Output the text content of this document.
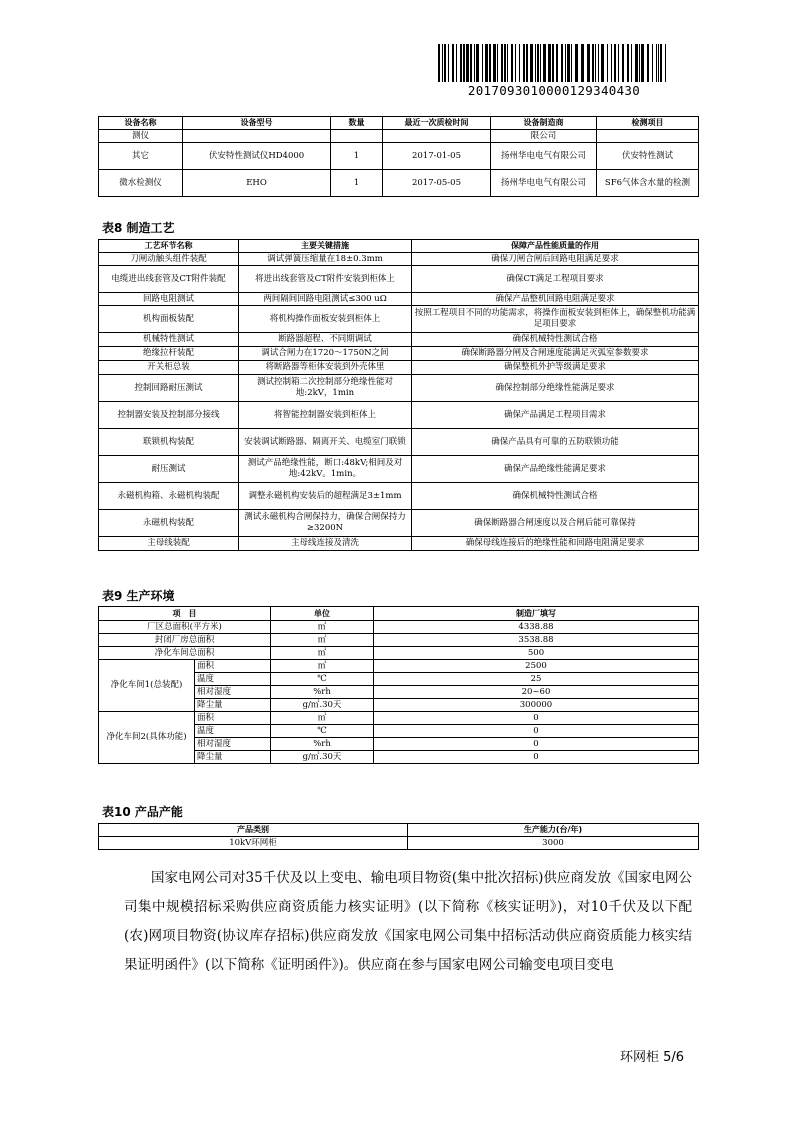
2017093010000129340430
设备名称	设备型号	数量	最近一次质检时间	设备制造商	检测项目
测仪				限公司	
其它	伏安特性测试仪HD4000	1	2017-01-05	扬州华电电气有限公司	伏安特性测试
微水检测仪	EHO	1	2017-05-05	扬州华电电气有限公司	SF6气体含水量的检测
表8 制造工艺
工艺环节名称	主要关键措施	保障产品性能质量的作用
刀闸动触头组件装配	调试弹簧压缩量在18±0.3mm	确保刀闸合闸后回路电阻满足要求
电缆进出线套管及CT附件装配	将进出线套管及CT附件安装到柜体上	确保CT满足工程项目要求
回路电阻测试	两间隔间回路电阻测试≤300 uΩ	确保产品整机回路电阻满足要求
机构面板装配	将机构操作面板安装到柜体上	按照工程项目不同的功能需求，将操作面板安装到柜体上，确保整机功能满足项目要求
机械特性测试	断路器超程、不同期调试	确保机械特性测试合格
绝缘拉杆装配	调试合闸力在1720～1750N之间	确保断路器分闸及合闸速度能满足灭弧室参数要求
开关柜总装	将断路器等柜体安装到外壳体里	确保整机外护等级满足要求
控制回路耐压测试	测试控制箱二次控制部分绝缘性能对地:2kV，1min	确保控制部分绝缘性能满足要求
控制器安装及控制部分接线	将智能控制器安装到柜体上	确保产品满足工程项目需求
联锁机构装配	安装调试断路器、隔离开关、电缆室门联锁	确保产品具有可靠的五防联锁功能
耐压测试	测试产品绝缘性能，断口:48kV;相间及对地:42kV。1min。	确保产品绝缘性能满足要求
永磁机构箱、永磁机构装配	调整永磁机构安装后的超程满足3±1mm	确保机械特性测试合格
永磁机构装配	测试永磁机构合闸保持力，确保合闸保持力≥3200N	确保断路器合闸速度以及合闸后能可靠保持
主母线装配	主母线连接及清洗	确保母线连接后的绝缘性能和回路电阻满足要求
表9 生产环境
项　目		单位	制造厂填写
厂区总面积(平方米)		㎡	4338.88
封闭厂房总面积		㎡	3538.88
净化车间总面积		㎡	500
净化车间1(总装配)	面积	㎡	2500
	温度	℃	25
	相对湿度	%rh	20~60
	降尘量	g/㎡.30天	300000
净化车间2(具体功能)	面积	㎡	0
	温度	℃	0
	相对湿度	%rh	0
	降尘量	g/㎡.30天	0
表10 产品产能
产品类别	生产能力(台/年)
10kV环网柜	3000

国家电网公司对35千伏及以上变电、输电项目物资(集中批次招标)供应商发放《国家电网公司集中规模招标采购供应商资质能力核实证明》(以下简称《核实证明》)，对10千伏及以下配(农)网项目物资(协议库存招标)供应商发放《国家电网公司集中招标活动供应商资质能力核实结果证明函件》(以下简称《证明函件》)。供应商在参与国家电网公司输变电项目变电

环网柜 5/6
